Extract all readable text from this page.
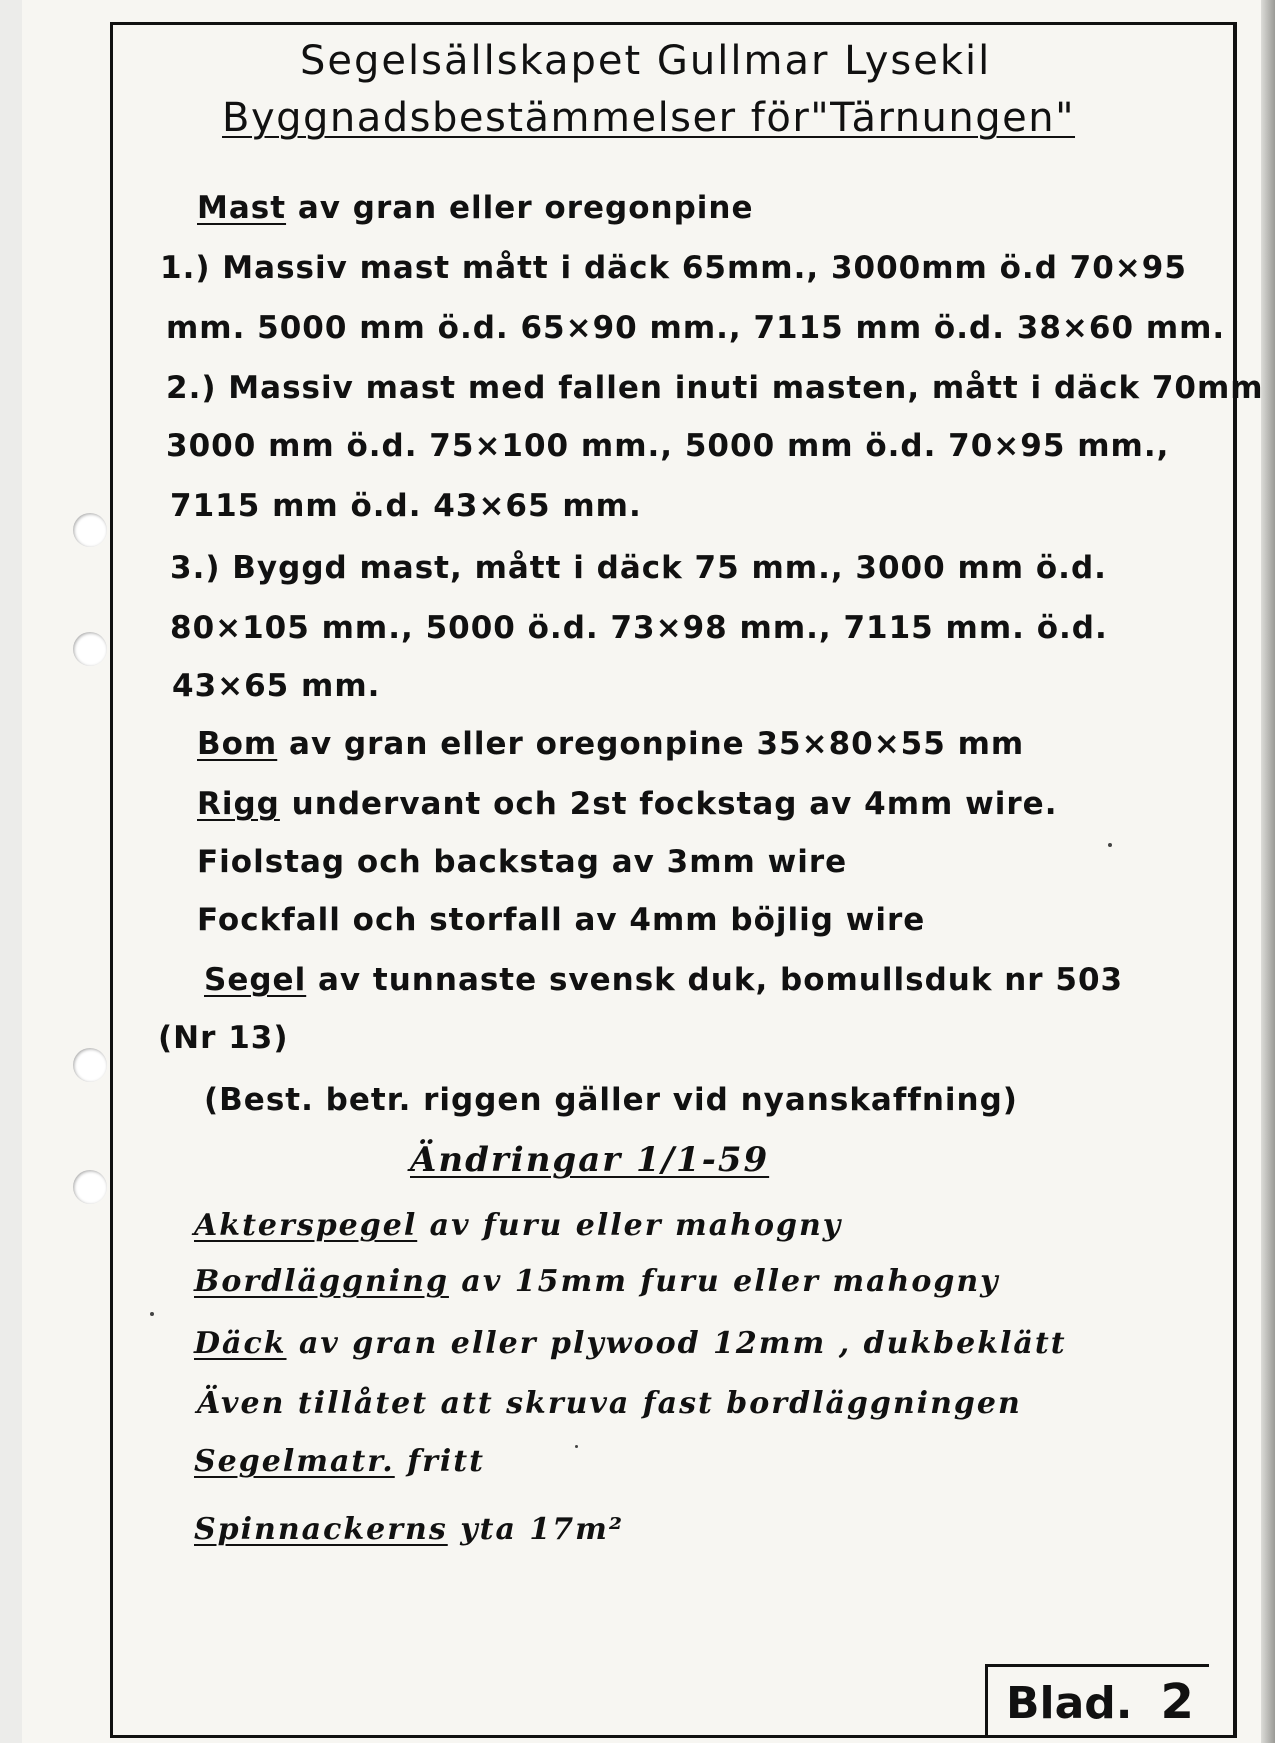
Segelsällskapet Gullmar Lysekil
Byggnadsbestämmelser för"Tärnungen"
Mast av gran eller oregonpine
1.) Massiv mast mått i däck 65mm., 3000mm ö.d 70×95
mm. 5000 mm ö.d. 65×90 mm., 7115 mm ö.d. 38×60 mm.
2.) Massiv mast med fallen inuti masten, mått i däck 70mm
3000 mm ö.d. 75×100 mm., 5000 mm ö.d. 70×95 mm.,
7115 mm ö.d. 43×65 mm.
3.) Byggd mast, mått i däck 75 mm., 3000 mm ö.d.
80×105 mm., 5000 ö.d. 73×98 mm., 7115 mm. ö.d.
43×65 mm.
Bom av gran eller oregonpine 35×80×55 mm
Rigg undervant och 2st fockstag av 4mm wire.
Fiolstag och backstag av 3mm wire
Fockfall och storfall av 4mm böjlig wire
Segel av tunnaste svensk duk, bomullsduk nr 503
(Nr 13)
(Best. betr. riggen gäller vid nyanskaffning)
Ändringar 1/1-59
Akterspegel av furu eller mahogny
Bordläggning av 15mm furu eller mahogny
Däck av gran eller plywood 12mm , dukbeklätt
Även tillåtet att skruva fast bordläggningen
Segelmatr. fritt
Spinnackerns yta 17m²
Blad. 2
